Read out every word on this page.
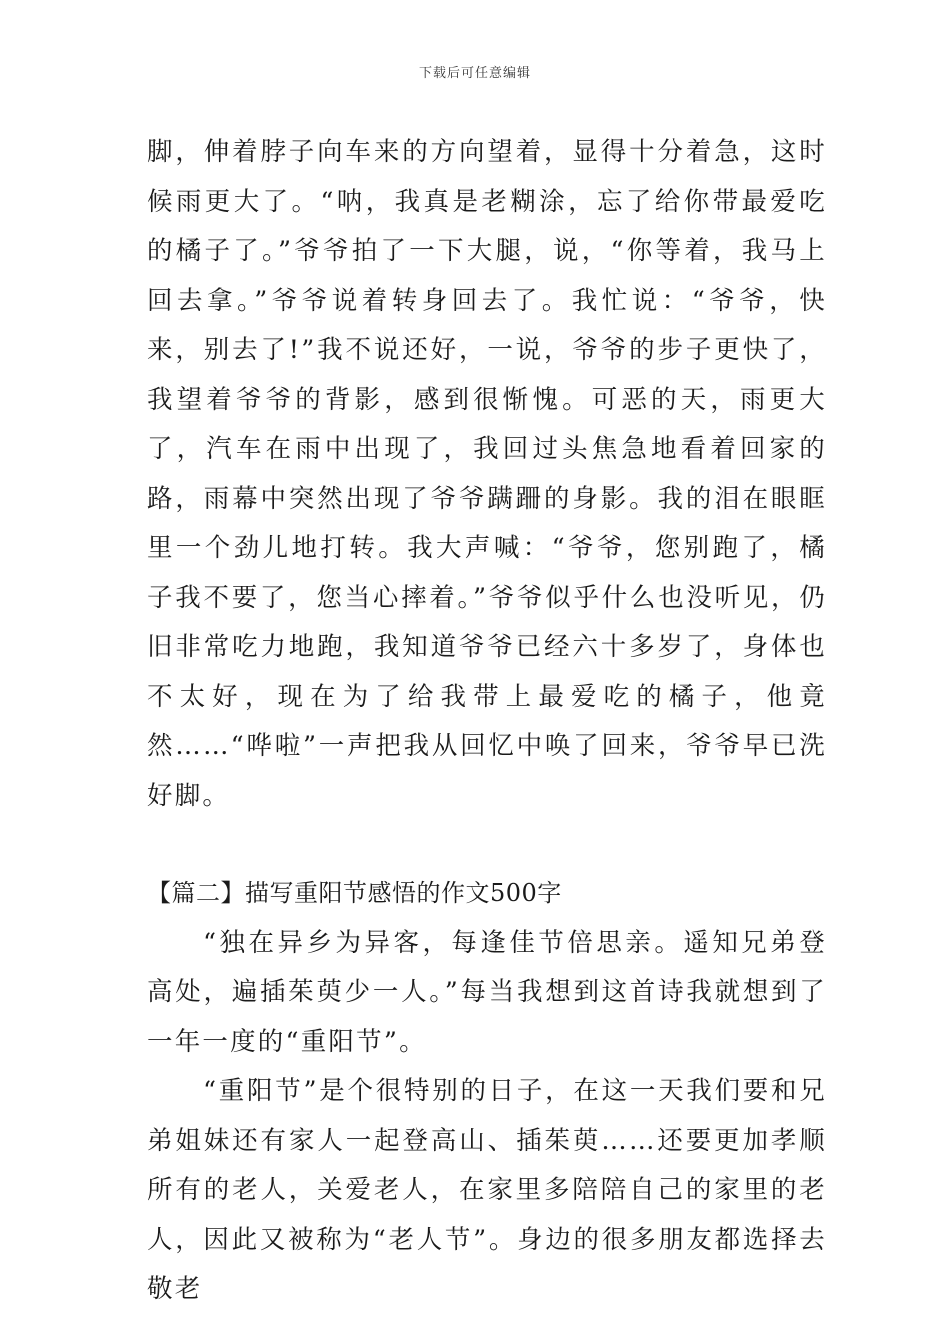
下载后可任意编辑

脚，伸着脖子向车来的方向望着，显得十分着急，这时候雨更大了。“呐，我真是老糊涂，忘了给你带最爱吃的橘子了。”爷爷拍了一下大腿，说，“你等着，我马上回去拿。”爷爷说着转身回去了。我忙说：“爷爷，快来，别去了!”我不说还好，一说，爷爷的步子更快了，我望着爷爷的背影，感到很惭愧。可恶的天，雨更大了，汽车在雨中出现了，我回过头焦急地看着回家的路，雨幕中突然出现了爷爷蹒跚的身影。我的泪在眼眶里一个劲儿地打转。我大声喊：“爷爷，您别跑了，橘子我不要了，您当心摔着。”爷爷似乎什么也没听见，仍旧非常吃力地跑，我知道爷爷已经六十多岁了，身体也不太好，现在为了给我带上最爱吃的橘子，他竟然……“哗啦”一声把我从回忆中唤了回来，爷爷早已洗好脚。

【篇二】描写重阳节感悟的作文500字

“独在异乡为异客，每逢佳节倍思亲。遥知兄弟登高处，遍插茱萸少一人。”每当我想到这首诗我就想到了一年一度的“重阳节”。

“重阳节”是个很特别的日子，在这一天我们要和兄弟姐妹还有家人一起登高山、插茱萸……还要更加孝顺所有的老人，关爱老人，在家里多陪陪自己的家里的老人，因此又被称为“老人节”。身边的很多朋友都选择去敬老
